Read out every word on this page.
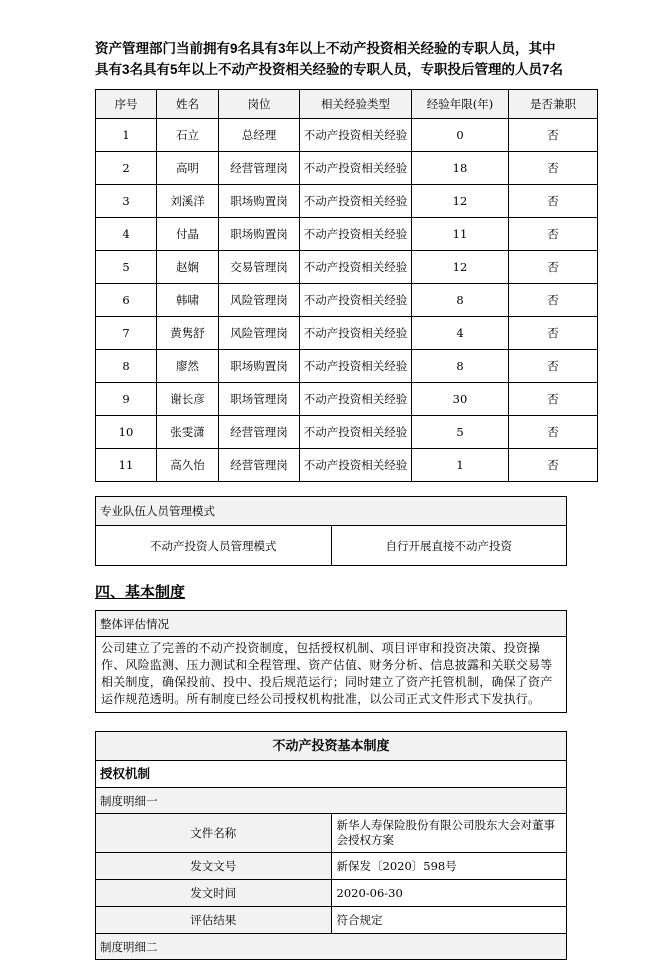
资产管理部门当前拥有9名具有3年以上不动产投资相关经验的专职人员，其中具有3名具有5年以上不动产投资相关经验的专职人员，专职投后管理的人员7名

序号	姓名	岗位	相关经验类型	经验年限(年)	是否兼职
1	石立	总经理	不动产投资相关经验	0	否
2	高明	经营管理岗	不动产投资相关经验	18	否
3	刘溪洋	职场购置岗	不动产投资相关经验	12	否
4	付晶	职场购置岗	不动产投资相关经验	11	否
5	赵娴	交易管理岗	不动产投资相关经验	12	否
6	韩啸	风险管理岗	不动产投资相关经验	8	否
7	黄隽舒	风险管理岗	不动产投资相关经验	4	否
8	廖然	职场购置岗	不动产投资相关经验	8	否
9	谢长彦	职场管理岗	不动产投资相关经验	30	否
10	张雯潇	经营管理岗	不动产投资相关经验	5	否
11	高久怡	经营管理岗	不动产投资相关经验	1	否
专业队伍人员管理模式
不动产投资人员管理模式	自行开展直接不动产投资
四、基本制度
整体评估情况
公司建立了完善的不动产投资制度，包括授权机制、项目评审和投资决策、投资操作、风险监测、压力测试和全程管理、资产估值、财务分析、信息披露和关联交易等相关制度，确保投前、投中、投后规范运行；同时建立了资产托管机制，确保了资产运作规范透明。所有制度已经公司授权机构批准，以公司正式文件形式下发执行。
不动产投资基本制度	
授权机制	
制度明细一	
文件名称	新华人寿保险股份有限公司股东大会对董事会授权方案
发文文号	新保发〔2020〕598号
发文时间	2020-06-30
评估结果	符合规定
制度明细二	
